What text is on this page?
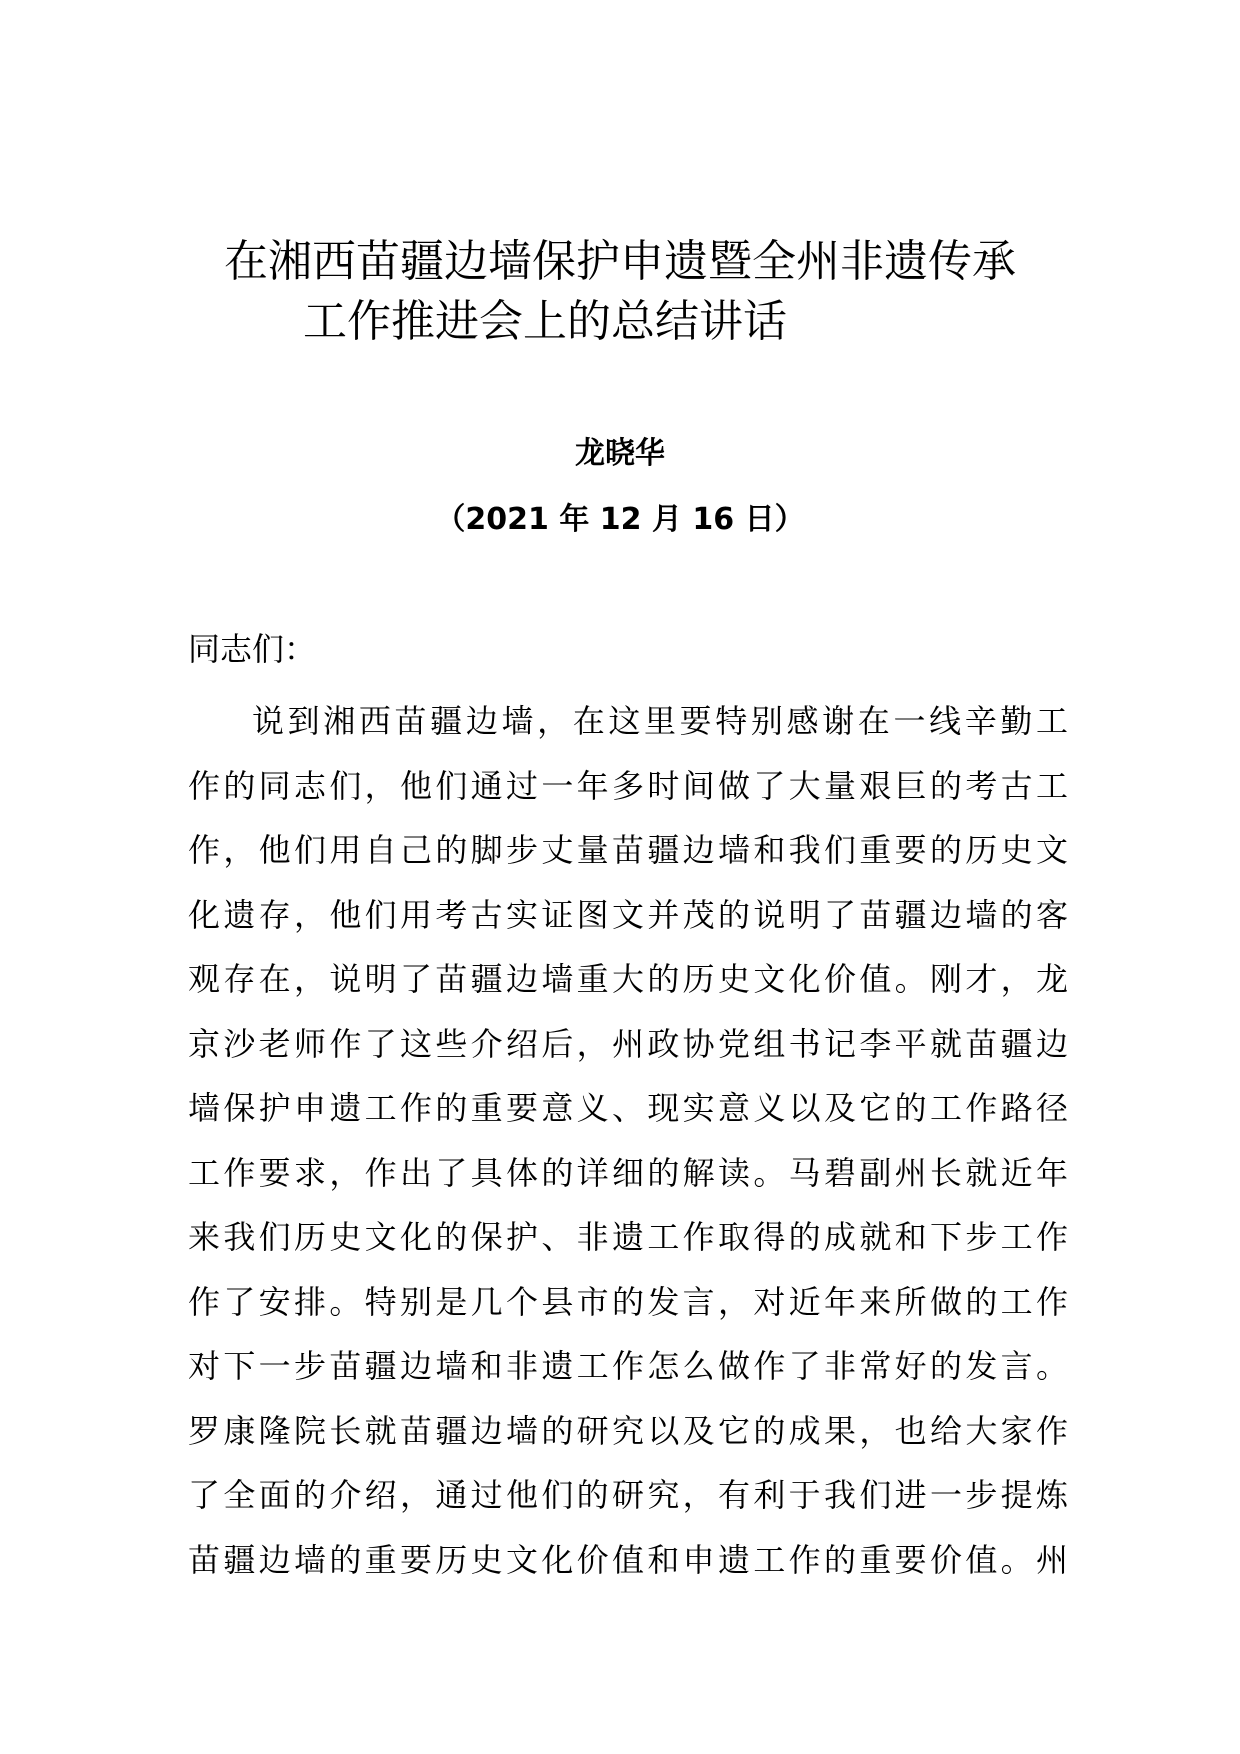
在湘西苗疆边墙保护申遗暨全州非遗传承
工作推进会上的总结讲话
龙晓华
（2021 年 12 月 16 日）
同志们：
说到湘西苗疆边墙，在这里要特别感谢在一线辛勤工
作的同志们，他们通过一年多时间做了大量艰巨的考古工
作，他们用自己的脚步丈量苗疆边墙和我们重要的历史文
化遗存，他们用考古实证图文并茂的说明了苗疆边墙的客
观存在，说明了苗疆边墙重大的历史文化价值。刚才，龙
京沙老师作了这些介绍后，州政协党组书记李平就苗疆边
墙保护申遗工作的重要意义、现实意义以及它的工作路径
工作要求，作出了具体的详细的解读。马碧副州长就近年
来我们历史文化的保护、非遗工作取得的成就和下步工作
作了安排。特别是几个县市的发言，对近年来所做的工作
对下一步苗疆边墙和非遗工作怎么做作了非常好的发言。
罗康隆院长就苗疆边墙的研究以及它的成果，也给大家作
了全面的介绍，通过他们的研究，有利于我们进一步提炼
苗疆边墙的重要历史文化价值和申遗工作的重要价值。州
